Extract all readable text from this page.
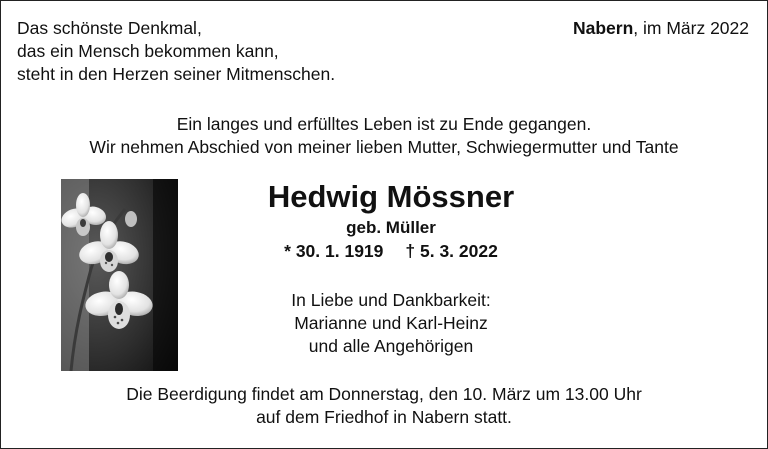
Das schönste Denkmal,
das ein Mensch bekommen kann,
steht in den Herzen seiner Mitmenschen.
Nabern, im März 2022
Ein langes und erfülltes Leben ist zu Ende gegangen.
Wir nehmen Abschied von meiner lieben Mutter, Schwiegermutter und Tante
Hedwig Mössner
geb. Müller
* 30. 1. 1919 † 5. 3. 2022
In Liebe und Dankbarkeit:
Marianne und Karl-Heinz
und alle Angehörigen
Die Beerdigung findet am Donnerstag, den 10. März um 13.00 Uhr
auf dem Friedhof in Nabern statt.
